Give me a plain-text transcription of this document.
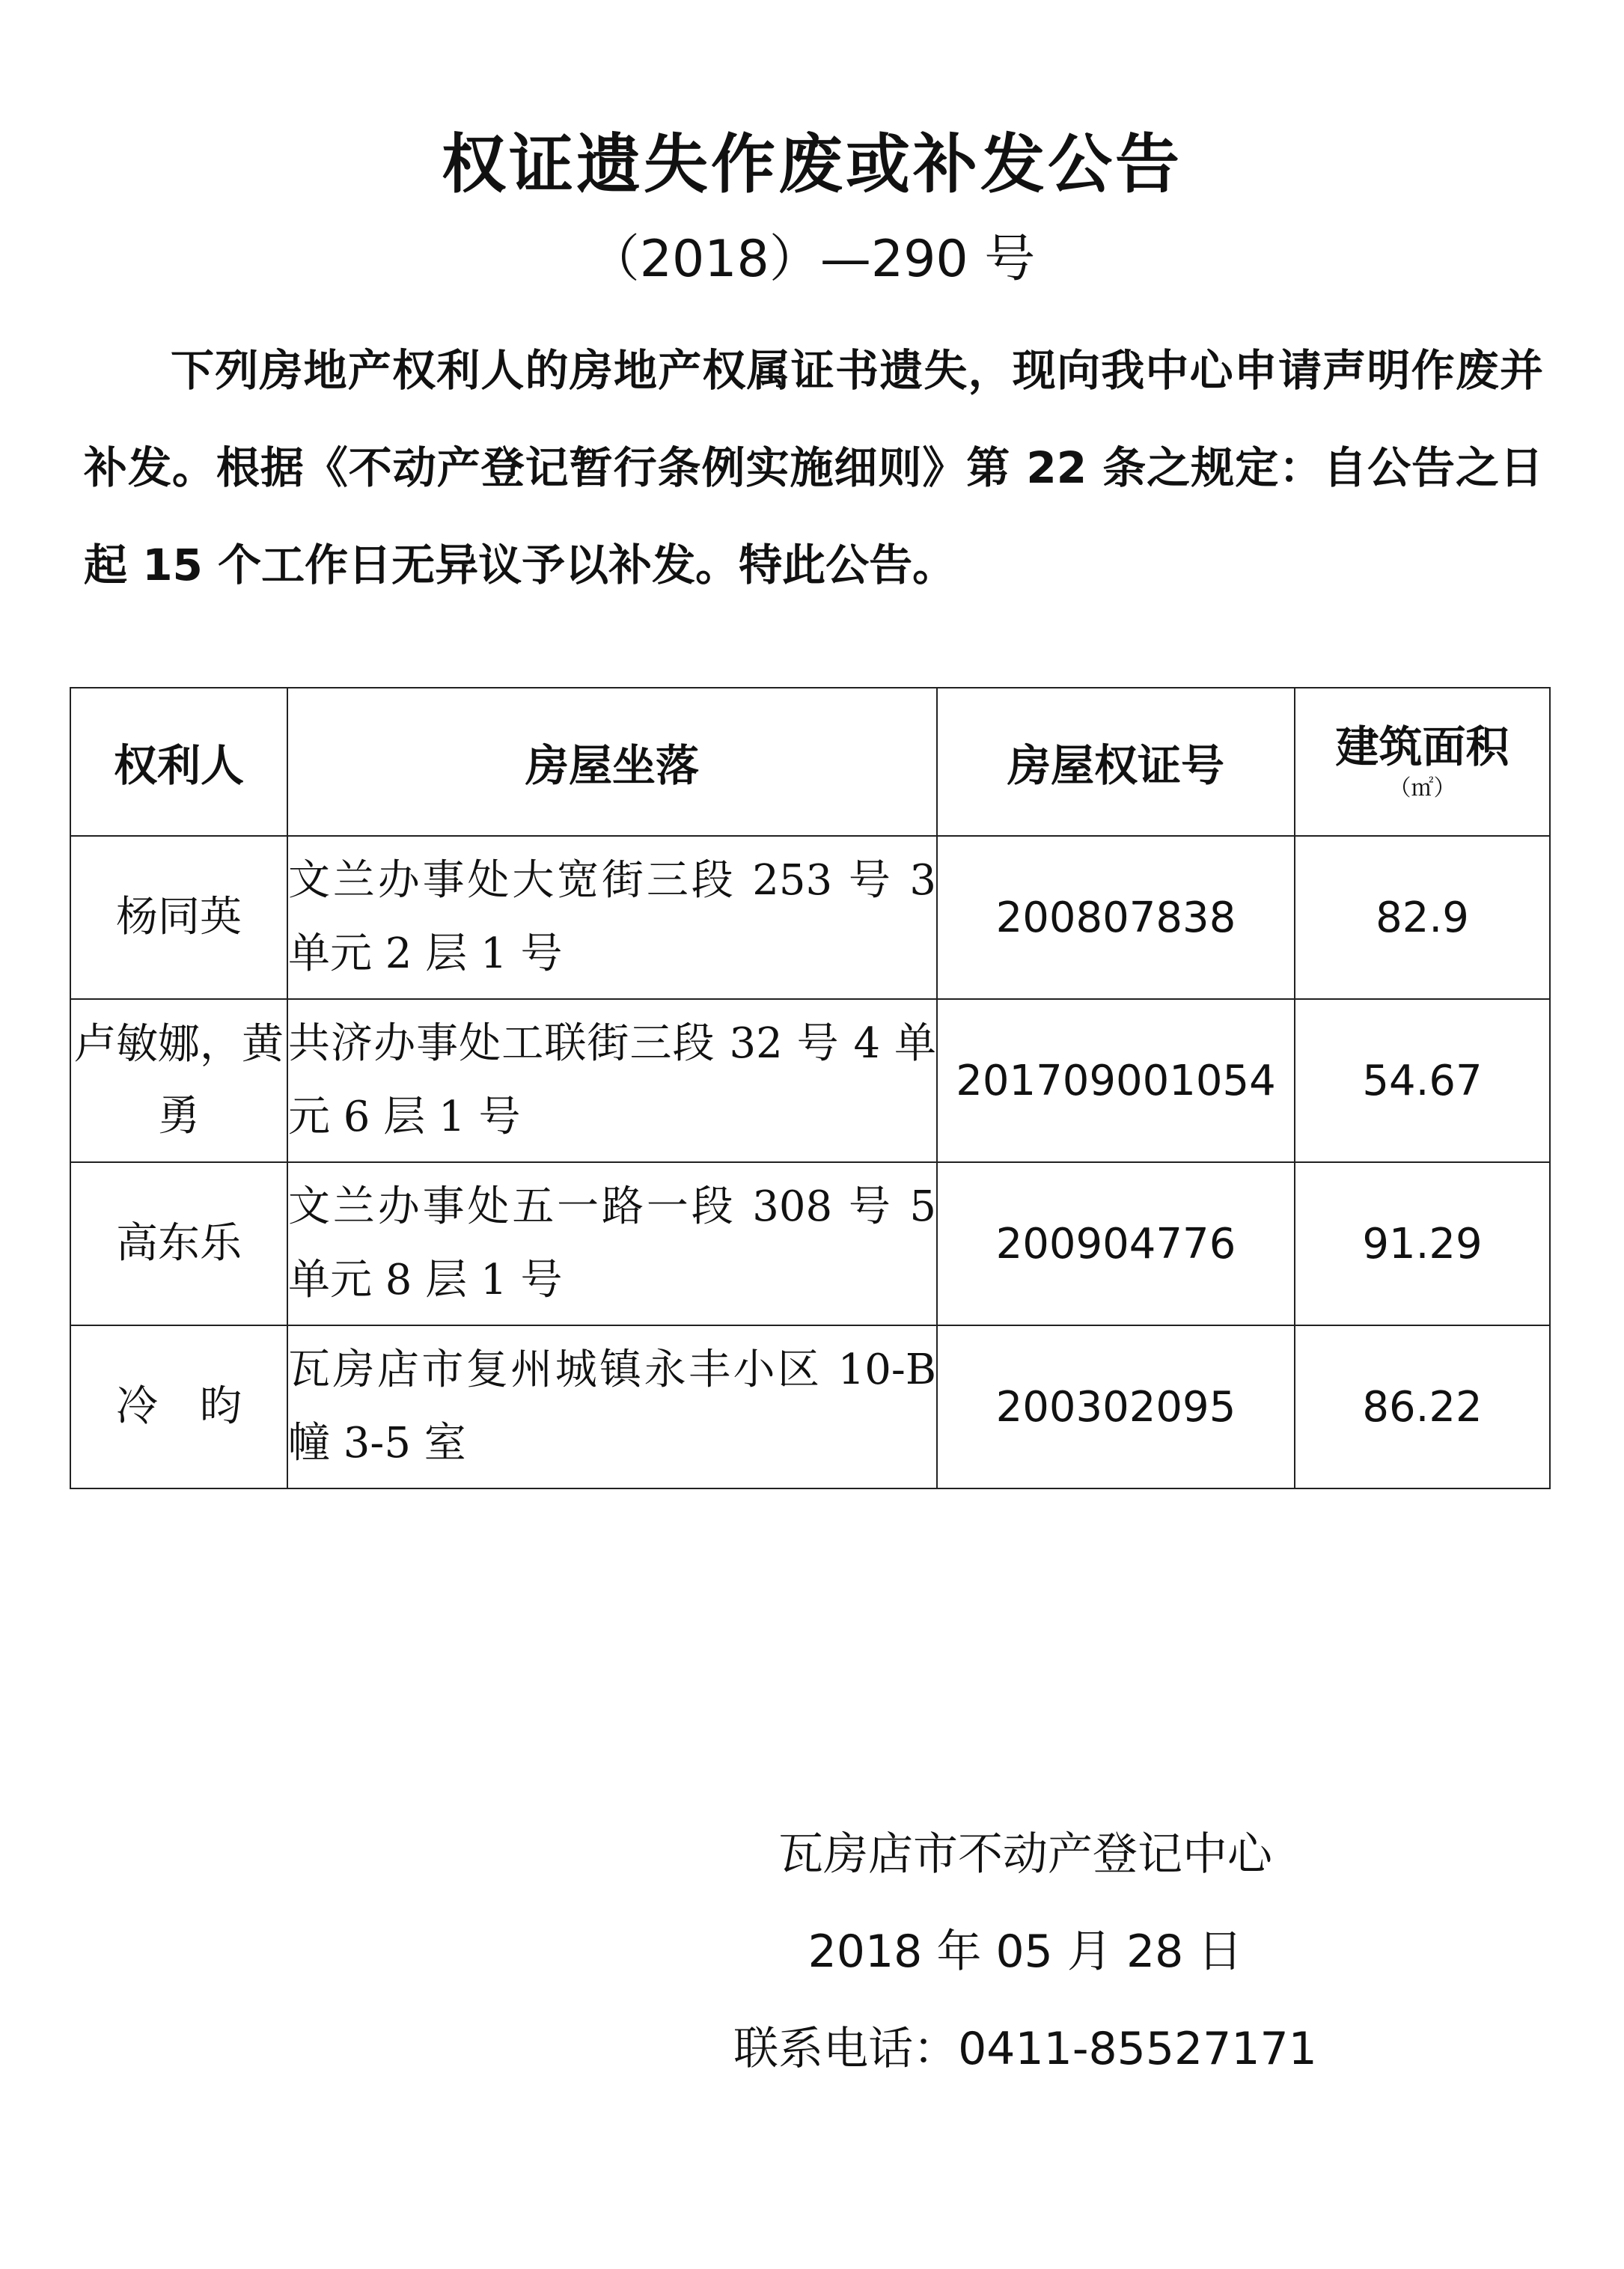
权证遗失作废或补发公告
（2018）—290 号
下列房地产权利人的房地产权属证书遗失，现向我中心申请声明作废并补发。根据《不动产登记暂行条例实施细则》第 22 条之规定：自公告之日起 15 个工作日无异议予以补发。特此公告。
权利人	房屋坐落	房屋权证号	建筑面积
（㎡）

杨同英	文兰办事处大宽街三段 253 号 3 单元 2 层 1 号	200807838	82.9
卢敏娜，黄勇	共济办事处工联街三段 32 号 4 单元 6 层 1 号	201709001054	54.67
高东乐	文兰办事处五一路一段 308 号 5 单元 8 层 1 号	200904776	91.29
冷　昀	瓦房店市复州城镇永丰小区 10-B 幢 3-5 室	200302095	86.22
瓦房店市不动产登记中心
2018 年 05 月 28 日
联系电话：0411-85527171
